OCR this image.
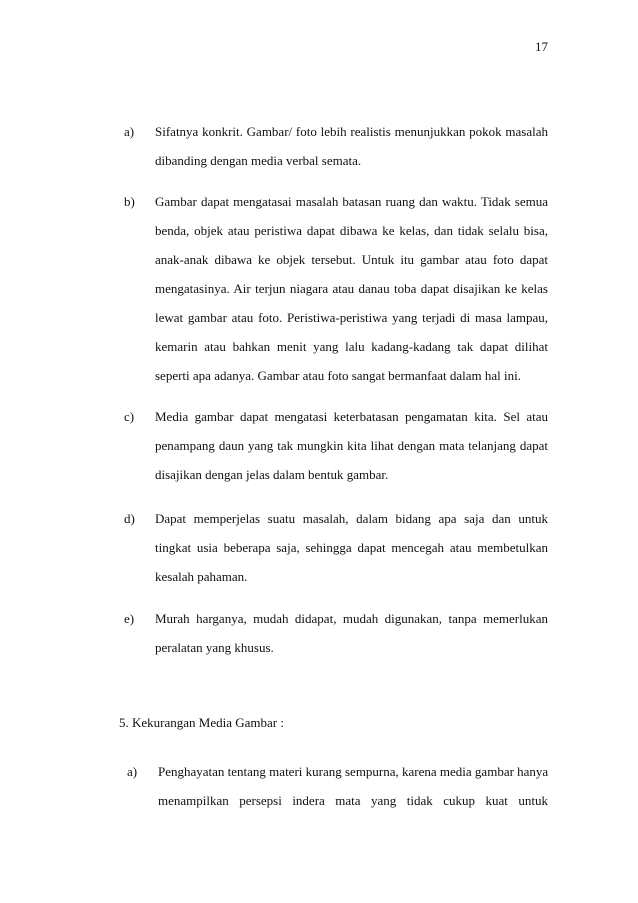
17
a)	Sifatnya konkrit. Gambar/ foto lebih realistis menunjukkan pokok masalah
dibanding dengan media verbal semata.
b)	Gambar dapat mengatasai masalah batasan ruang dan waktu. Tidak semua
benda, objek atau peristiwa dapat dibawa ke kelas, dan tidak selalu bisa,
anak-anak dibawa ke objek tersebut. Untuk itu gambar atau foto dapat
mengatasinya. Air terjun niagara atau danau toba dapat disajikan ke kelas
lewat gambar atau foto. Peristiwa-peristiwa yang terjadi di masa lampau,
kemarin atau bahkan menit yang lalu kadang-kadang tak dapat dilihat
seperti apa adanya. Gambar atau foto sangat bermanfaat dalam hal ini.
c)	Media gambar dapat mengatasi keterbatasan pengamatan kita. Sel atau
penampang daun yang tak mungkin kita lihat dengan mata telanjang dapat
disajikan dengan jelas dalam bentuk gambar.
d)	Dapat memperjelas suatu masalah, dalam bidang apa saja dan untuk
tingkat usia beberapa saja, sehingga dapat mencegah atau membetulkan
kesalah pahaman.
e)	Murah harganya, mudah didapat, mudah digunakan, tanpa memerlukan
peralatan yang khusus.
5. Kekurangan Media Gambar :
a)	Penghayatan tentang materi kurang sempurna, karena media gambar hanya
menampilkan persepsi indera mata yang tidak cukup kuat untuk
